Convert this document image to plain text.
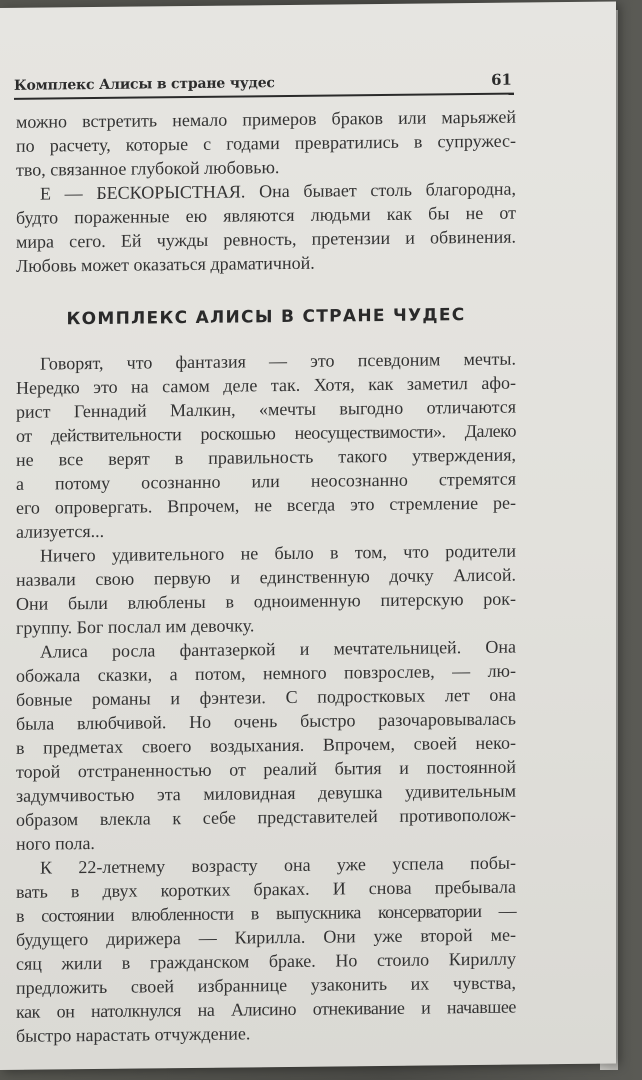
Комплекс Алисы в стране чудес	61
можно встретить немало примеров браков или марьяжей
по расчету, которые с годами превратились в супружес-
тво, связанное глубокой любовью.
Е — БЕСКОРЫСТНАЯ. Она бывает столь благородна,
будто пораженные ею являются людьми как бы не от
мира сего. Ей чужды ревность, претензии и обвинения.
Любовь может оказаться драматичной.
КОМПЛЕКС АЛИСЫ В СТРАНЕ ЧУДЕС
Говорят, что фантазия — это псевдоним мечты.
Нередко это на самом деле так. Хотя, как заметил афо-
рист Геннадий Малкин, «мечты выгодно отличаются
от действительности роскошью неосуществимости». Далеко
не все верят в правильность такого утверждения,
а потому осознанно или неосознанно стремятся
его опровергать. Впрочем, не всегда это стремление ре-
ализуется...
Ничего удивительного не было в том, что родители
назвали свою первую и единственную дочку Алисой.
Они были влюблены в одноименную питерскую рок-
группу. Бог послал им девочку.
Алиса росла фантазеркой и мечтательницей. Она
обожала сказки, а потом, немного повзрослев, — лю-
бовные романы и фэнтези. С подростковых лет она
была влюбчивой. Но очень быстро разочаровывалась
в предметах своего воздыхания. Впрочем, своей неко-
торой отстраненностью от реалий бытия и постоянной
задумчивостью эта миловидная девушка удивительным
образом влекла к себе представителей противополож-
ного пола.
К 22-летнему возрасту она уже успела побы-
вать в двух коротких браках. И снова пребывала
в состоянии влюбленности в выпускника консерватории —
будущего дирижера — Кирилла. Они уже второй ме-
сяц жили в гражданском браке. Но стоило Кириллу
предложить своей избраннице узаконить их чувства,
как он натолкнулся на Алисино отнекивание и начавшее
быстро нарастать отчуждение.
